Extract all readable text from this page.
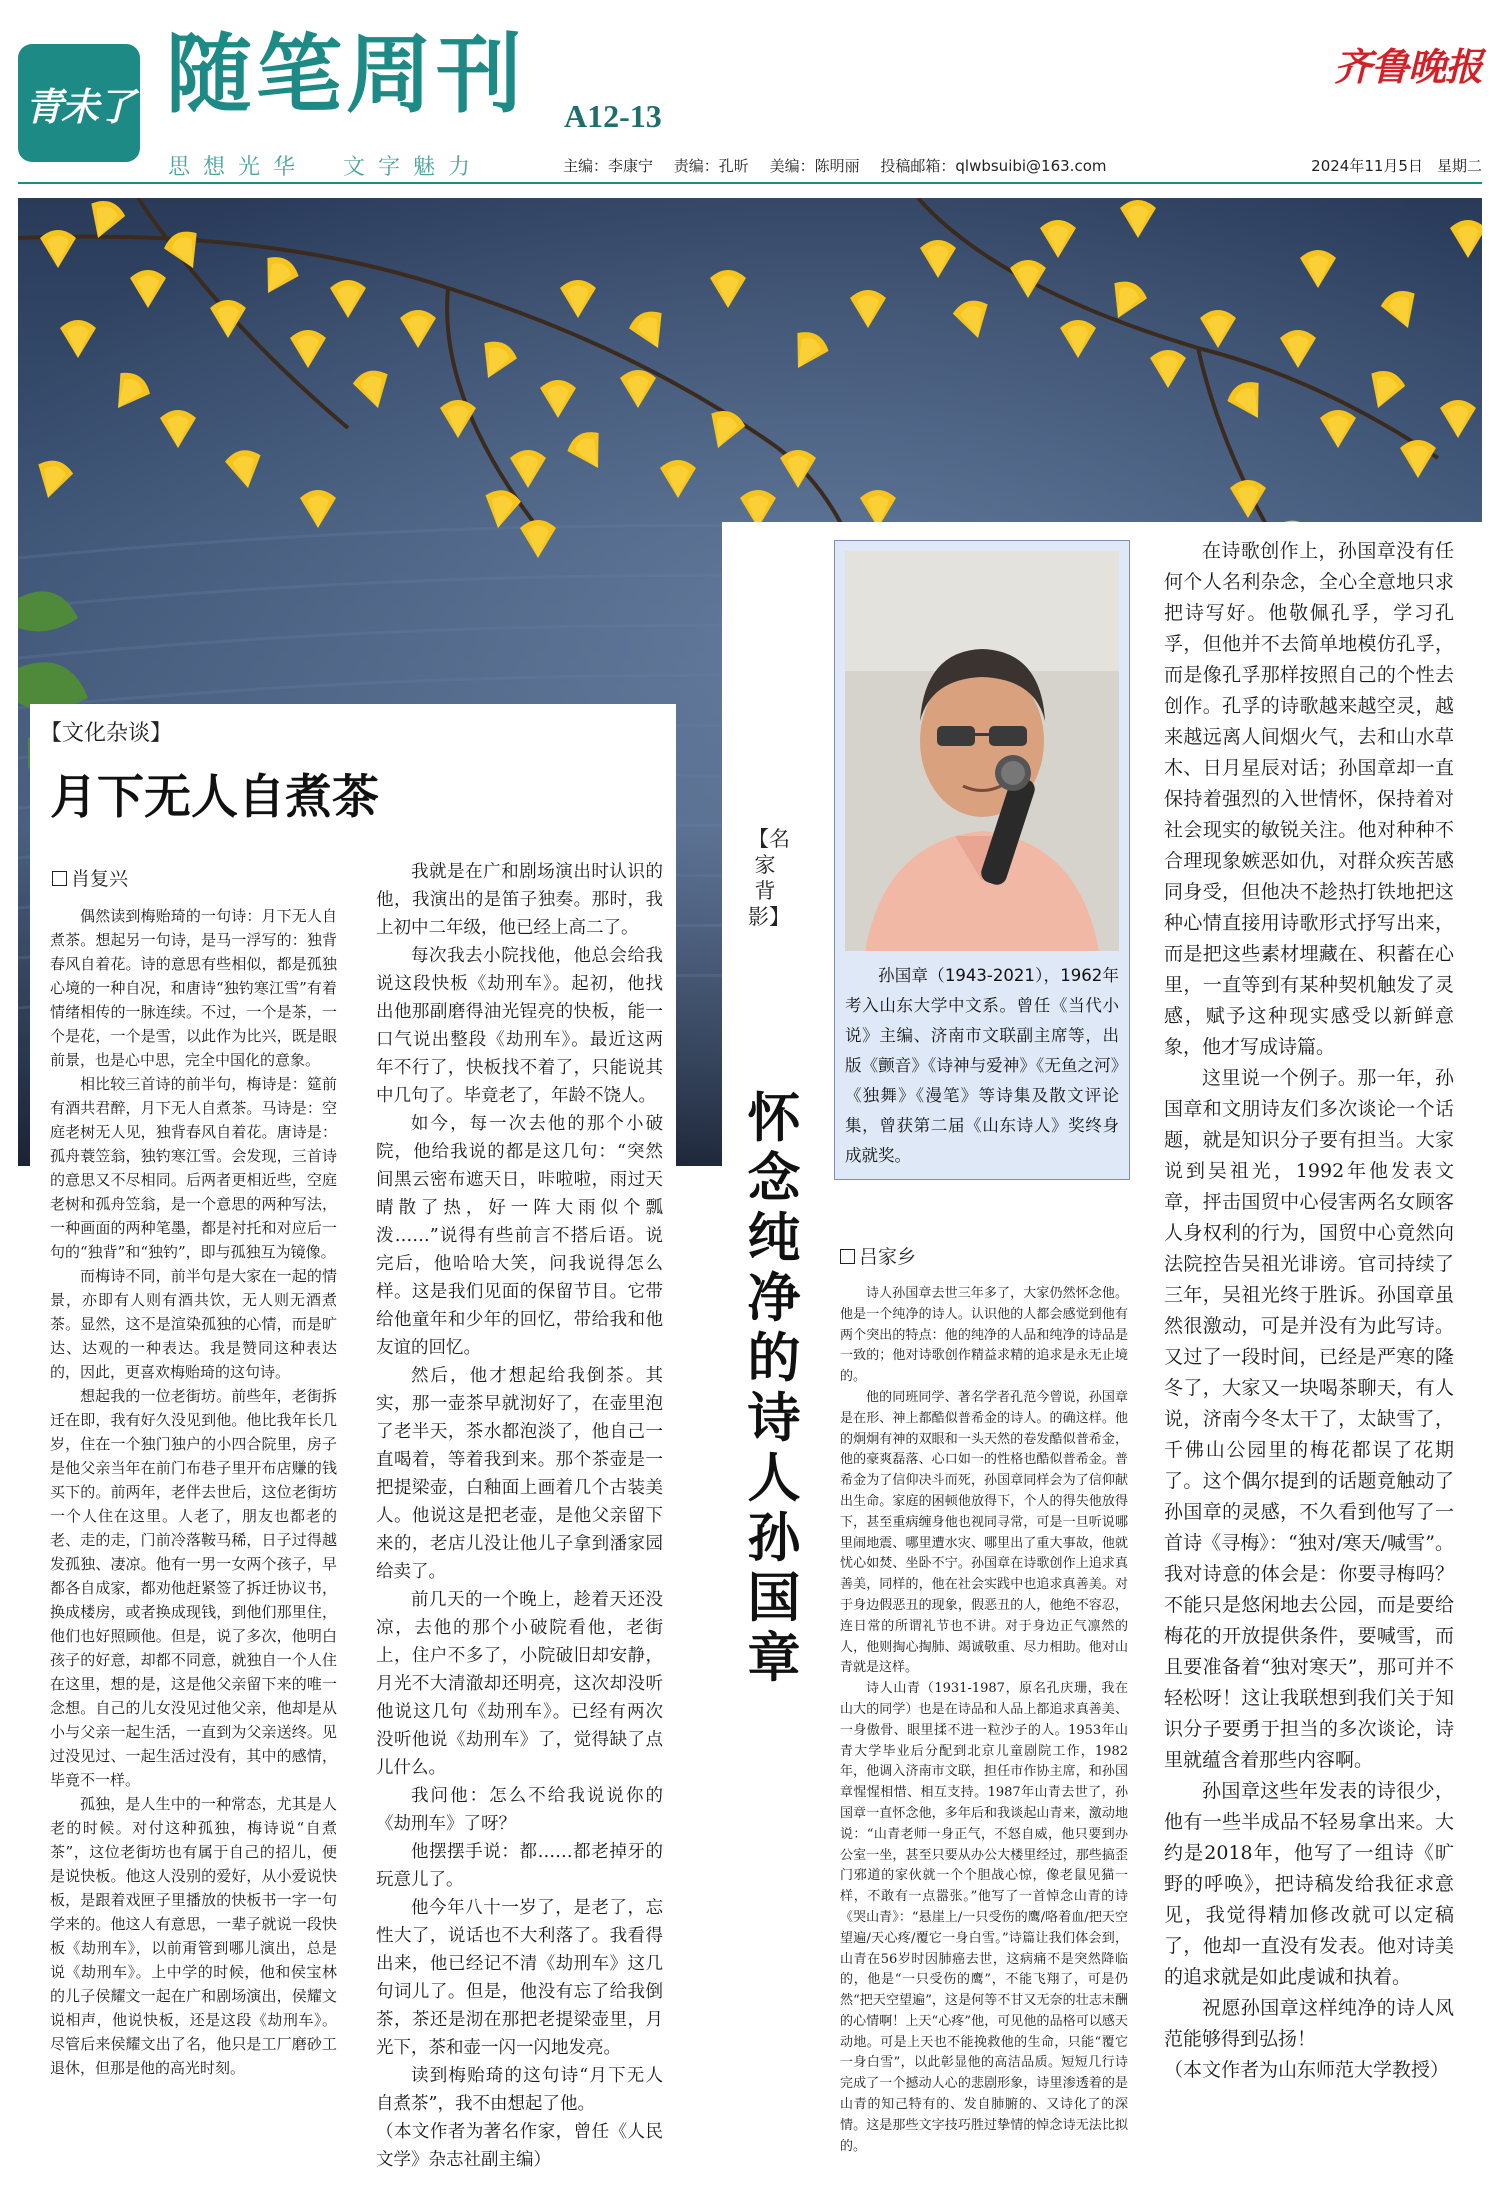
青未了 随笔周刊 A12-13
思想光华　文字魅力	主编：李康宁 责编：孔昕 美编：陈明丽 投稿邮箱：qlwbsuibi@163.com
齐鲁晚报
2024年11月5日 星期二
【文化杂谈】
月下无人自煮茶
肖复兴

偶然读到梅贻琦的一句诗：月下无人自煮茶。想起另一句诗，是马一浮写的：独背春风自着花。诗的意思有些相似，都是孤独心境的一种自况，和唐诗“独钓寒江雪”有着情绪相传的一脉连续。不过，一个是茶，一个是花，一个是雪，以此作为比兴，既是眼前景，也是心中思，完全中国化的意象。

相比较三首诗的前半句，梅诗是：筵前有酒共君醉，月下无人自煮茶。马诗是：空庭老树无人见，独背春风自着花。唐诗是：孤舟蓑笠翁，独钓寒江雪。会发现，三首诗的意思又不尽相同。后两者更相近些，空庭老树和孤舟笠翁，是一个意思的两种写法，一种画面的两种笔墨，都是衬托和对应后一句的“独背”和“独钓”，即与孤独互为镜像。

而梅诗不同，前半句是大家在一起的情景，亦即有人则有酒共饮，无人则无酒煮茶。显然，这不是渲染孤独的心情，而是旷达、达观的一种表达。我是赞同这种表达的，因此，更喜欢梅贻琦的这句诗。

想起我的一位老街坊。前些年，老街拆迁在即，我有好久没见到他。他比我年长几岁，住在一个独门独户的小四合院里，房子是他父亲当年在前门布巷子里开布店赚的钱买下的。前两年，老伴去世后，这位老街坊一个人住在这里。人老了，朋友也都老的老、走的走，门前冷落鞍马稀，日子过得越发孤独、凄凉。他有一男一女两个孩子，早都各自成家，都劝他赶紧签了拆迁协议书，换成楼房，或者换成现钱，到他们那里住，他们也好照顾他。但是，说了多次，他明白孩子的好意，却都不同意，就独自一个人住在这里，想的是，这是他父亲留下来的唯一念想。自己的儿女没见过他父亲，他却是从小与父亲一起生活，一直到为父亲送终。见过没见过、一起生活过没有，其中的感情，毕竟不一样。

孤独，是人生中的一种常态，尤其是人老的时候。对付这种孤独，梅诗说“自煮茶”，这位老街坊也有属于自己的招儿，便是说快板。他这人没别的爱好，从小爱说快板，是跟着戏匣子里播放的快板书一字一句学来的。他这人有意思，一辈子就说一段快板《劫刑车》，以前甭管到哪儿演出，总是说《劫刑车》。上中学的时候，他和侯宝林的儿子侯耀文一起在广和剧场演出，侯耀文说相声，他说快板，还是这段《劫刑车》。尽管后来侯耀文出了名，他只是工厂磨砂工退休，但那是他的高光时刻。

我就是在广和剧场演出时认识的他，我演出的是笛子独奏。那时，我上初中二年级，他已经上高二了。

每次我去小院找他，他总会给我说这段快板《劫刑车》。起初，他找出他那副磨得油光锃亮的快板，能一口气说出整段《劫刑车》。最近这两年不行了，快板找不着了，只能说其中几句了。毕竟老了，年龄不饶人。

如今，每一次去他的那个小破院，他给我说的都是这几句：“突然间黑云密布遮天日，咔啦啦，雨过天晴散了热，好一阵大雨似个瓢泼……”说得有些前言不搭后语。说完后，他哈哈大笑，问我说得怎么样。这是我们见面的保留节目。它带给他童年和少年的回忆，带给我和他友谊的回忆。

然后，他才想起给我倒茶。其实，那一壶茶早就沏好了，在壶里泡了老半天，茶水都泡淡了，他自己一直喝着，等着我到来。那个茶壶是一把提梁壶，白釉面上画着几个古装美人。他说这是把老壶，是他父亲留下来的，老店儿没让他儿子拿到潘家园给卖了。

前几天的一个晚上，趁着天还没凉，去他的那个小破院看他，老街上，住户不多了，小院破旧却安静，月光不大清澈却还明亮，这次却没听他说这几句《劫刑车》。已经有两次没听他说《劫刑车》了，觉得缺了点儿什么。

我问他：怎么不给我说说你的《劫刑车》了呀？

他摆摆手说：都……都老掉牙的玩意儿了。

他今年八十一岁了，是老了，忘性大了，说话也不大利落了。我看得出来，他已经记不清《劫刑车》这几句词儿了。但是，他没有忘了给我倒茶，茶还是沏在那把老提梁壶里，月光下，茶和壶一闪一闪地发亮。

读到梅贻琦的这句诗“月下无人自煮茶”，我不由想起了他。

（本文作者为著名作家，曾任《人民文学》杂志社副主编）

【名家背影】
怀念纯净的诗人孙国章

孙国章（1943-2021），1962年考入山东大学中文系。曾任《当代小说》主编、济南市文联副主席等，出版《颤音》《诗神与爱神》《无鱼之河》《独舞》《漫笔》等诗集及散文评论集，曾获第二届《山东诗人》奖终身成就奖。

吕家乡

诗人孙国章去世三年多了，大家仍然怀念他。他是一个纯净的诗人。认识他的人都会感觉到他有两个突出的特点：他的纯净的人品和纯净的诗品是一致的；他对诗歌创作精益求精的追求是永无止境的。

他的同班同学、著名学者孔范今曾说，孙国章是在形、神上都酷似普希金的诗人。的确这样。他的炯炯有神的双眼和一头天然的卷发酷似普希金，他的豪爽磊落、心口如一的性格也酷似普希金。普希金为了信仰决斗而死，孙国章同样会为了信仰献出生命。家庭的困顿他放得下，个人的得失他放得下，甚至重病缠身他也视同寻常，可是一旦听说哪里闹地震、哪里遭水灾、哪里出了重大事故，他就忧心如焚、坐卧不宁。孙国章在诗歌创作上追求真善美，同样的，他在社会实践中也追求真善美。对于身边假恶丑的现象，假恶丑的人，他绝不容忍，连日常的所谓礼节也不讲。对于身边正气凛然的人，他则掏心掏肺、竭诚敬重、尽力相助。他对山青就是这样。

诗人山青（1931-1987，原名孔庆珊，我在山大的同学）也是在诗品和人品上都追求真善美、一身傲骨、眼里揉不进一粒沙子的人。1953年山青大学毕业后分配到北京儿童剧院工作，1982年，他调入济南市文联，担任市作协主席，和孙国章惺惺相惜、相互支持。1987年山青去世了，孙国章一直怀念他，多年后和我谈起山青来，激动地说：“山青老师一身正气，不怒自威，他只要到办公室一坐，甚至只要从办公大楼里经过，那些搞歪门邪道的家伙就一个个胆战心惊，像老鼠见猫一样，不敢有一点嚣张。”他写了一首悼念山青的诗《哭山青》：“悬崖上/一只受伤的鹰/咯着血/把天空望遍/天心疼/覆它一身白雪。”诗篇让我们体会到，山青在56岁时因肺癌去世，这病痛不是突然降临的，他是“一只受伤的鹰”，不能飞翔了，可是仍然“把天空望遍”，这是何等不甘又无奈的壮志未酬的心情啊！上天“心疼”他，可见他的品格可以感天动地。可是上天也不能挽救他的生命，只能“覆它一身白雪”，以此彰显他的高洁品质。短短几行诗完成了一个撼动人心的悲剧形象，诗里渗透着的是山青的知己特有的、发自肺腑的、又诗化了的深情。这是那些文字技巧胜过挚情的悼念诗无法比拟的。

在诗歌创作上，孙国章没有任何个人名利杂念，全心全意地只求把诗写好。他敬佩孔孚，学习孔孚，但他并不去简单地模仿孔孚，而是像孔孚那样按照自己的个性去创作。孔孚的诗歌越来越空灵，越来越远离人间烟火气，去和山水草木、日月星辰对话；孙国章却一直保持着强烈的入世情怀，保持着对社会现实的敏锐关注。他对种种不合理现象嫉恶如仇，对群众疾苦感同身受，但他决不趁热打铁地把这种心情直接用诗歌形式抒写出来，而是把这些素材埋藏在、积蓄在心里，一直等到有某种契机触发了灵感，赋予这种现实感受以新鲜意象，他才写成诗篇。

这里说一个例子。那一年，孙国章和文朋诗友们多次谈论一个话题，就是知识分子要有担当。大家说到吴祖光，1992年他发表文章，抨击国贸中心侵害两名女顾客人身权利的行为，国贸中心竟然向法院控告吴祖光诽谤。官司持续了三年，吴祖光终于胜诉。孙国章虽然很激动，可是并没有为此写诗。又过了一段时间，已经是严寒的隆冬了，大家又一块喝茶聊天，有人说，济南今冬太干了，太缺雪了，千佛山公园里的梅花都误了花期了。这个偶尔提到的话题竟触动了孙国章的灵感，不久看到他写了一首诗《寻梅》：“独对/寒天/喊雪”。我对诗意的体会是：你要寻梅吗？不能只是悠闲地去公园，而是要给梅花的开放提供条件，要喊雪，而且要准备着“独对寒天”，那可并不轻松呀！这让我联想到我们关于知识分子要勇于担当的多次谈论，诗里就蕴含着那些内容啊。

孙国章这些年发表的诗很少，他有一些半成品不轻易拿出来。大约是2018年，他写了一组诗《旷野的呼唤》，把诗稿发给我征求意见，我觉得精加修改就可以定稿了，他却一直没有发表。他对诗美的追求就是如此虔诚和执着。

祝愿孙国章这样纯净的诗人风范能够得到弘扬！

（本文作者为山东师范大学教授）
